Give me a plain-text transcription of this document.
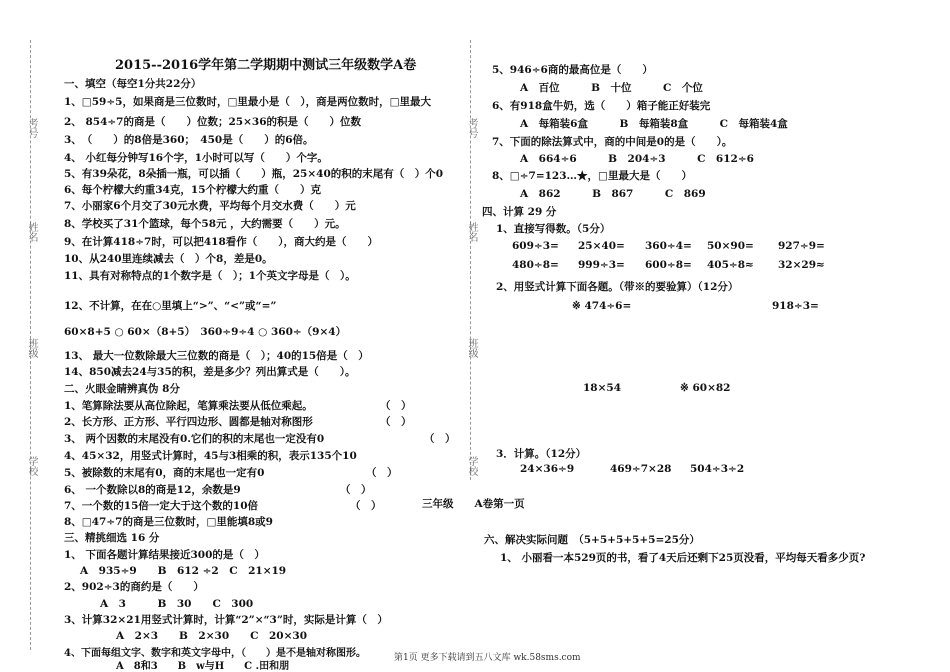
考号
姓名
班级
学校
考号
姓名
班级
学校
2015--2016学年第二学期期中测试三年级数学A卷
一、填空（每空1分共22分）
1、□59÷5，如果商是三位数时，□里最小是（　），商是两位数时，□里最大
2、 854÷7的商是（　　）位数；25×36的积是（　　）位数
3、　（　　）的8倍是360；　450是（　　）的6倍。
4、 小红每分钟写16个字，1小时可以写（　　）个字。
5、有39朵花，8朵插一瓶，可以插（　　）瓶，25×40的积的末尾有（　）个0
6、每个柠檬大约重34克，15个柠檬大约重（　　）克
7、小丽家6个月交了30元水费，平均每个月交水费（　　）元
8、学校买了31个篮球，每个58元 ，大约需要（　　）元。
9、在计算418÷7时，可以把418看作（　　），商大约是（　　）
10、从240里连续减去（　）个8，差是0。
11、具有对称特点的1个数字是（　）；1个英文字母是（　）。
12、不计算，在在○里填上“>”、“<”或“=”
60×8+5 ○ 60×（8+5）　360÷9÷4 ○ 360÷（9×4）
13、 最大一位数除最大三位数的商是（　）；40的15倍是（　）
14、850减去24与35的积，差是多少？列出算式是（　　）。
二、火眼金睛辨真伪 8分
1、笔算除法要从高位除起，笔算乘法要从低位乘起。	（　）
2、长方形、正方形、平行四边形、圆都是轴对称图形	（　）
3、 两个因数的末尾没有0.它们的积的末尾也一定没有0	（　）
4、45×32，用竖式计算时，45与3相乘的积，表示135个10
5、被除数的末尾有0，商的末尾也一定有0	（　）
6、 一个数除以8的商是12，余数是9	（　）
7、一个数的15倍一定大于这个数的10倍	（　）
8、□47÷7的商是三位数时，□里能填8或9
三、精挑细选 16 分
1、 下面各题计算结果接近300的是（　）
A　935÷9　　B　612 ÷2　C　21×19
2、902÷3的商约是（　　）
A　3　　　B　30　　C　300
3、计算32×21用竖式计算时，计算“2”×“3”时，实际是计算（　）
A　2×3　　B　2×30　　C　20×30
4、下面每组文字、数字和英文字母中，（　　）是不是轴对称图形。
A　8和3　　B　w与H　　C .田和朋
5、946÷6商的最高位是（　　）
A　百位　　　B　十位　　　C　个位
6、有918盒牛奶，选（　　）箱子能正好装完
A　每箱装6盒　　　B　每箱装8盒　　　C　每箱装4盒
7、下面的除法算式中，商的中间是0的是（　　）。
A　664÷6　　　B　204÷3　　　C　612÷6
8、□÷7=123…★，□里最大是（　　）
A　862　　　B　867　　　C　869
四、计算 29 分
1、直接写得数。（5分）
609÷3= 25×40= 360÷4= 50×90= 927÷9=
480÷8= 999÷3= 600÷8= 405÷8≈ 32×29≈
2、用竖式计算下面各题。（带※的要验算）（12分）
※ 474÷6=	918÷3=
18×54	※ 60×82
3．计算。（12分）
24×36÷9	469÷7×28 504÷3÷2
三年级　　A卷第一页
六、解决实际问题　（5+5+5+5+5=25分）
1、 小丽看一本529页的书，看了4天后还剩下25页没看，平均每天看多少页?
第1页 更多下载请到五八文库 wk.58sms.com
